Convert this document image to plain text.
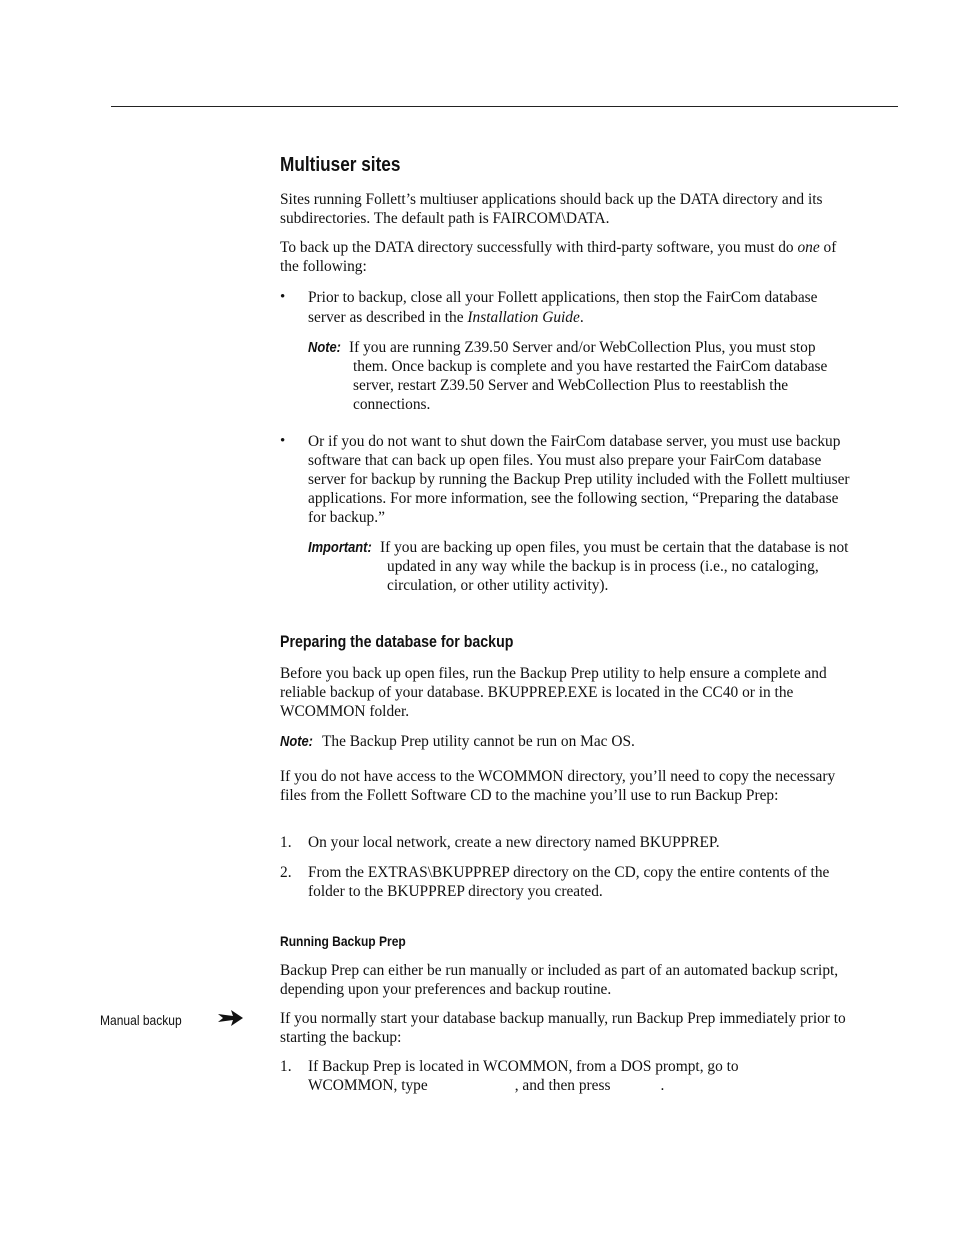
Multiuser sites

Sites running Follett’s multiuser applications should back up the DATA directory and its subdirectories. The default path is FAIRCOM\DATA.

To back up the DATA directory successfully with third-party software, you must do one of the following:

• Prior to backup, close all your Follett applications, then stop the FairCom database server as described in the Installation Guide.

Note: If you are running Z39.50 Server and/or WebCollection Plus, you must stop them. Once backup is complete and you have restarted the FairCom database server, restart Z39.50 Server and WebCollection Plus to reestablish the connections.

• Or if you do not want to shut down the FairCom database server, you must use backup software that can back up open files. You must also prepare your FairCom database server for backup by running the Backup Prep utility included with the Follett multiuser applications. For more information, see the following section, “Preparing the database for backup.”

Important: If you are backing up open files, you must be certain that the database is not updated in any way while the backup is in process (i.e., no cataloging, circulation, or other utility activity).

Preparing the database for backup

Before you back up open files, run the Backup Prep utility to help ensure a complete and reliable backup of your database. BKUPPREP.EXE is located in the CC40 or in the WCOMMON folder.

Note: The Backup Prep utility cannot be run on Mac OS.

If you do not have access to the WCOMMON directory, you’ll need to copy the necessary files from the Follett Software CD to the machine you’ll use to run Backup Prep:

1. On your local network, create a new directory named BKUPPREP.

2. From the EXTRAS\BKUPPREP directory on the CD, copy the entire contents of the folder to the BKUPPREP directory you created.

Running Backup Prep

Backup Prep can either be run manually or included as part of an automated backup script, depending upon your preferences and backup routine.

Manual backup	If you normally start your database backup manually, run Backup Prep immediately prior to starting the backup:

1. If Backup Prep is located in WCOMMON, from a DOS prompt, go to
WCOMMON, type	, and then press	.
